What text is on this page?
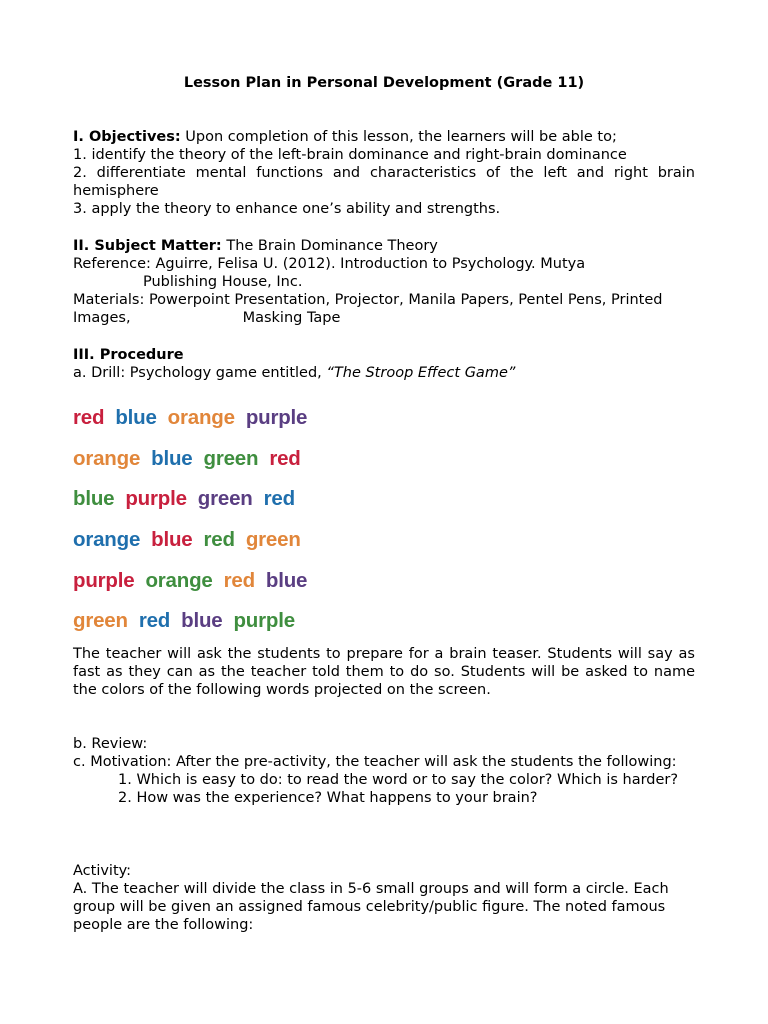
Lesson Plan in Personal Development (Grade 11)

I. Objectives: Upon completion of this lesson, the learners will be able to;

1. identify the theory of the left-brain dominance and right-brain dominance

2. differentiate mental functions and characteristics of the left and right brain hemisphere

3. apply the theory to enhance one’s ability and strengths.

II. Subject Matter: The Brain Dominance Theory

Reference: Aguirre, Felisa U. (2012). Introduction to Psychology. Mutya

Publishing House, Inc.

Materials: Powerpoint Presentation, Projector, Manila Papers, Pentel Pens, Printed

Images,	Masking Tape

III. Procedure

a. Drill: Psychology game entitled, “The Stroop Effect Game”

red blue orange purple
orange blue green red
blue purple green red
orange blue red green
purple orange red blue
green red blue purple

The teacher will ask the students to prepare for a brain teaser. Students will say as fast as they can as the teacher told them to do so. Students will be asked to name the colors of the following words projected on the screen.

b. Review:

c. Motivation: After the pre-activity, the teacher will ask the students the following:

1. Which is easy to do: to read the word or to say the color? Which is harder?

2. How was the experience? What happens to your brain?

Activity:

A. The teacher will divide the class in 5-6 small groups and will form a circle. Each group will be given an assigned famous celebrity/public figure. The noted famous people are the following:
